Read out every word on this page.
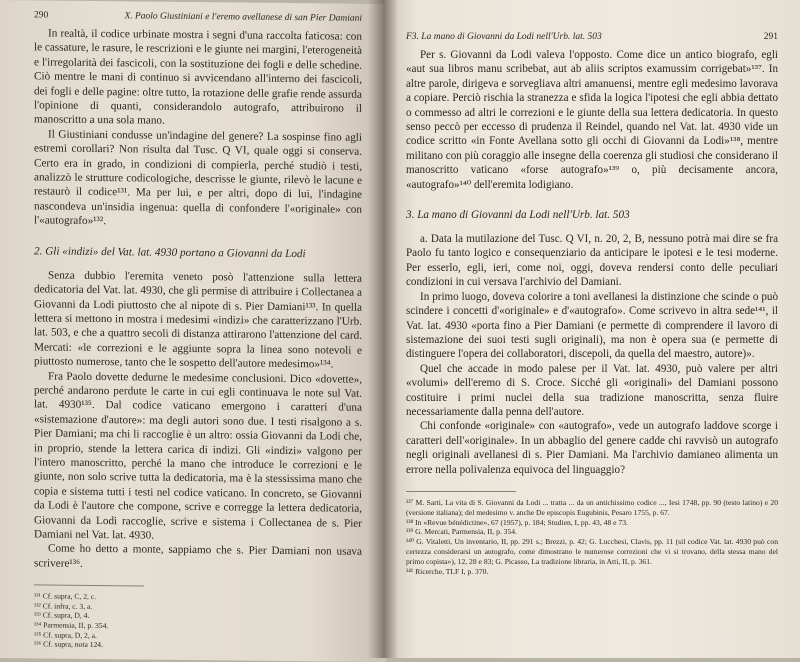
290	X. Paolo Giustiniani e l'eremo avellanese di san Pier Damiani

In realtà, il codice urbinate mostra i segni d'una raccolta faticosa: con le cassature, le rasure, le rescrizioni e le giunte nei margini, l'eterogeneità e l'irregolarità dei fascicoli, con la sostituzione dei fogli e delle schedine. Ciò mentre le mani di continuo si avvicendano all'interno dei fascicoli, dei fogli e delle pagine: oltre tutto, la rotazione delle grafie rende assurda l'opinione di quanti, considerandolo autografo, attribuirono il manoscritto a una sola mano.

Il Giustiniani condusse un'indagine del genere? La sospinse fino agli estremi corollari? Non risulta dal Tusc. Q VI, quale oggi si conserva. Certo era in grado, in condizioni di compierla, perché studiò i testi, analizzò le strutture codicologiche, descrisse le giunte, rilevò le lacune e restaurò il codice¹³¹. Ma per lui, e per altri, dopo di lui, l'indagine nascondeva un'insidia ingenua: quella di confondere l'«originale» con l'«autografo»¹³².

2. Gli «indizi» del Vat. lat. 4930 portano a Giovanni da Lodi

Senza dubbio l'eremita veneto posò l'attenzione sulla lettera dedicatoria del Vat. lat. 4930, che gli permise di attribuire i Collectanea a Giovanni da Lodi piuttosto che al nipote di s. Pier Damiani¹³³. In quella lettera si mettono in mostra i medesimi «indizi» che caratterizzano l'Urb. lat. 503, e che a quattro secoli di distanza attirarono l'attenzione del card. Mercati: «le correzioni e le aggiunte sopra la linea sono notevoli e piuttosto numerose, tanto che le sospetto dell'autore medesimo»¹³⁴.

Fra Paolo dovette dedurne le medesime conclusioni. Dico «dovette», perché andarono perdute le carte in cui egli continuava le note sul Vat. lat. 4930¹³⁵. Dal codice vaticano emergono i caratteri d'una «sistemazione d'autore»: ma degli autori sono due. I testi risalgono a s. Pier Damiani; ma chi li raccoglie è un altro: ossia Giovanni da Lodi che, in proprio, stende la lettera carica di indizi. Gli «indizi» valgono per l'intero manoscritto, perché la mano che introduce le correzioni e le giunte, non solo scrive tutta la dedicatoria, ma è la stessissima mano che copia e sistema tutti i testi nel codice vaticano. In concreto, se Giovanni da Lodi è l'autore che compone, scrive e corregge la lettera dedicatoria, Giovanni da Lodi raccoglie, scrive e sistema i Collectanea de s. Pier Damiani nel Vat. lat. 4930.

Come ho detto a monte, sappiamo che s. Pier Damiani non usava scrivere¹³⁶.

¹³¹ Cf. supra, C, 2, c.
¹³² Cf. infra, c. 3, a.
¹³³ Cf. supra, D, 4.
¹³⁴ Parmensia, II, p. 354.
¹³⁵ Cf. supra, D, 2, a.
¹³⁶ Cf. supra, nota 124.
F3. La mano di Giovanni da Lodi nell'Urb. lat. 503	291

Per s. Giovanni da Lodi valeva l'opposto. Come dice un antico biografo, egli «aut sua libros manu scribebat, aut ab aliis scriptos examussim corrigebat»¹³⁷. In altre parole, dirigeva e sorvegliava altri amanuensi, mentre egli medesimo lavorava a copiare. Perciò rischia la stranezza e sfida la logica l'ipotesi che egli abbia dettato o commesso ad altri le correzioni e le giunte della sua lettera dedicatoria. In questo senso peccò per eccesso di prudenza il Reindel, quando nel Vat. lat. 4930 vide un codice scritto «in Fonte Avellana sotto gli occhi di Giovanni da Lodi»¹³⁸, mentre militano con più coraggio alle insegne della coerenza gli studiosi che considerano il manoscritto vaticano «forse autografo»¹³⁹ o, più decisamente ancora, «autografo»¹⁴⁰ dell'eremita lodigiano.

3. La mano di Giovanni da Lodi nell'Urb. lat. 503

a. Data la mutilazione del Tusc. Q VI, n. 20, 2, B, nessuno potrà mai dire se fra Paolo fu tanto logico e consequenziario da anticipare le ipotesi e le tesi moderne. Per esserlo, egli, ieri, come noi, oggi, doveva rendersi conto delle peculiari condizioni in cui versava l'archivio del Damiani.

In primo luogo, doveva colorire a toni avellanesi la distinzione che scinde o può scindere i concetti d'«originale» e d'«autografo». Come scrivevo in altra sede¹⁴¹, il Vat. lat. 4930 «porta fino a Pier Damiani (e permette di comprendere il lavoro di sistemazione dei suoi testi sugli originali), ma non è opera sua (e permette di distinguere l'opera dei collaboratori, discepoli, da quella del maestro, autore)».

Quel che accade in modo palese per il Vat. lat. 4930, può valere per altri «volumi» dell'eremo di S. Croce. Sicché gli «originali» del Damiani possono costituire i primi nuclei della sua tradizione manoscritta, senza fluire necessariamente dalla penna dell'autore.

Chi confonde «originale» con «autografo», vede un autografo laddove scorge i caratteri dell'«originale». In un abbaglio del genere cadde chi ravvisò un autografo negli originali avellanesi di s. Pier Damiani. Ma l'archivio damianeo alimenta un errore nella polivalenza equivoca del linguaggio?

¹³⁷ M. Sarti, La vita di S. Giovanni da Lodi ... tratta ... da un antichissimo codice ..., Iesi 1748, pp. 90 (testo latino) e 20 (versione italiana); del medesimo v. anche De episcopis Eugubinis, Pesaro 1755, p. 67.
¹³⁸ In «Revue bénédictine», 67 (1957), p. 184; Studien, I, pp. 43, 48 e 73.
¹³⁹ G. Mercati, Parmensia, II, p. 354.
¹⁴⁰ G. Vitaletti, Un inventario, II, pp. 291 s.; Brezzi, p. 42; G. Lucchesi, Clavis, pp. 11 (sil codice Vat. lat. 4930 può con certezza considerarsi un autografo, come dimostrano le numerose correzioni che vi si trovano, della stessa mano del primo copista»), 12, 28 e 83; G. Picasso, La tradizione libraria, in Atti, II, p. 361.
¹⁴¹ Ricerche, TLF I, p. 370.
